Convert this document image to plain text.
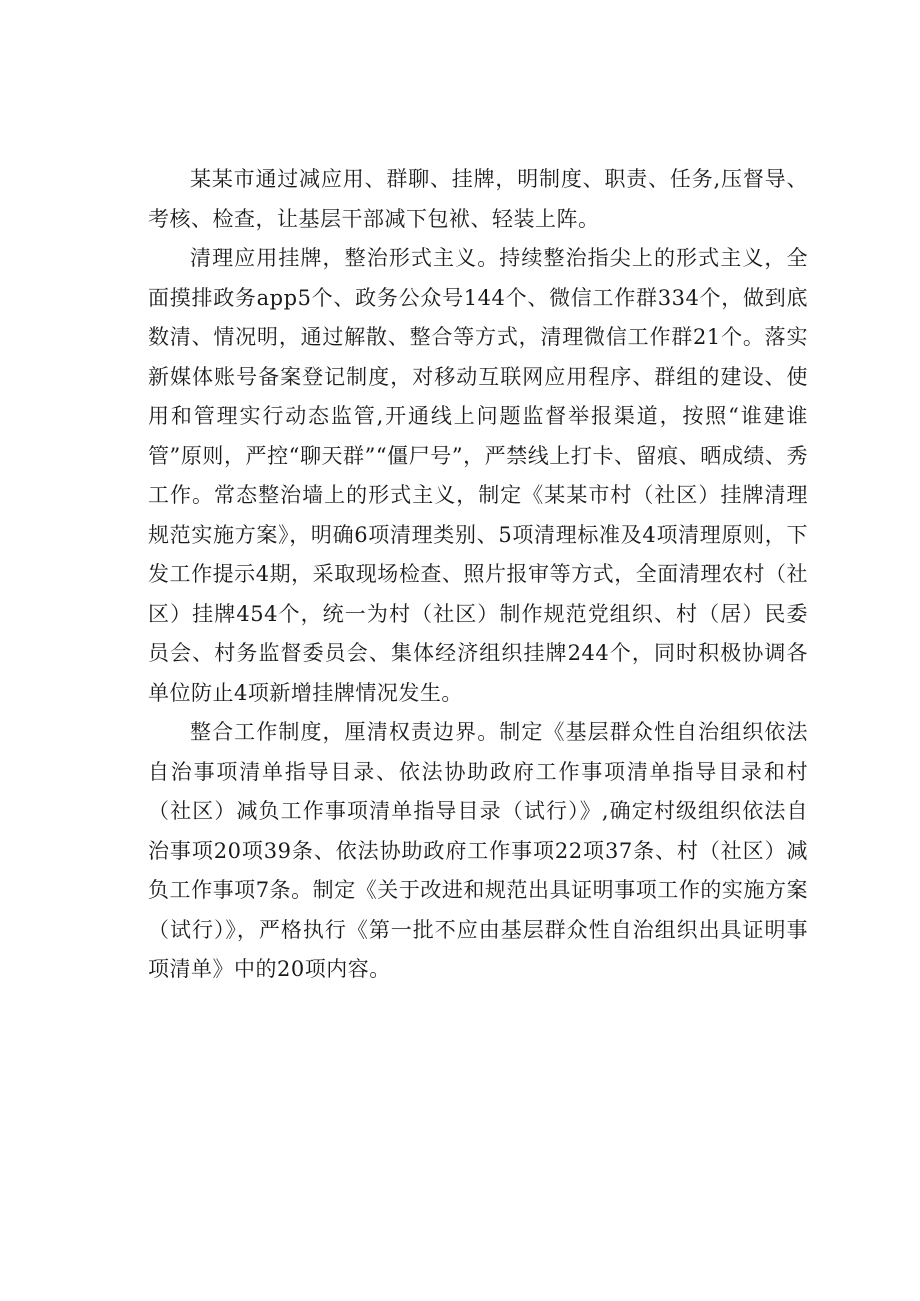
某某市通过减应用、群聊、挂牌，明制度、职责、任务,压督导、考核、检查，让基层干部减下包袱、轻装上阵。

清理应用挂牌，整治形式主义。持续整治指尖上的形式主义，全面摸排政务app5个、政务公众号144个、微信工作群334个，做到底数清、情况明，通过解散、整合等方式，清理微信工作群21个。落实新媒体账号备案登记制度，对移动互联网应用程序、群组的建设、使用和管理实行动态监管,开通线上问题监督举报渠道，按照“谁建谁管”原则，严控“聊天群”“僵尸号”，严禁线上打卡、留痕、晒成绩、秀工作。常态整治墙上的形式主义，制定《某某市村（社区）挂牌清理规范实施方案》，明确6项清理类别、5项清理标准及4项清理原则，下发工作提示4期，采取现场检查、照片报审等方式，全面清理农村（社区）挂牌454个，统一为村（社区）制作规范党组织、村（居）民委员会、村务监督委员会、集体经济组织挂牌244个，同时积极协调各单位防止4项新增挂牌情况发生。

整合工作制度，厘清权责边界。制定《基层群众性自治组织依法自治事项清单指导目录、依法协助政府工作事项清单指导目录和村（社区）减负工作事项清单指导目录（试行）》,确定村级组织依法自治事项20项39条、依法协助政府工作事项22项37条、村（社区）减负工作事项7条。制定《关于改进和规范出具证明事项工作的实施方案（试行）》，严格执行《第一批不应由基层群众性自治组织出具证明事项清单》中的20项内容。
